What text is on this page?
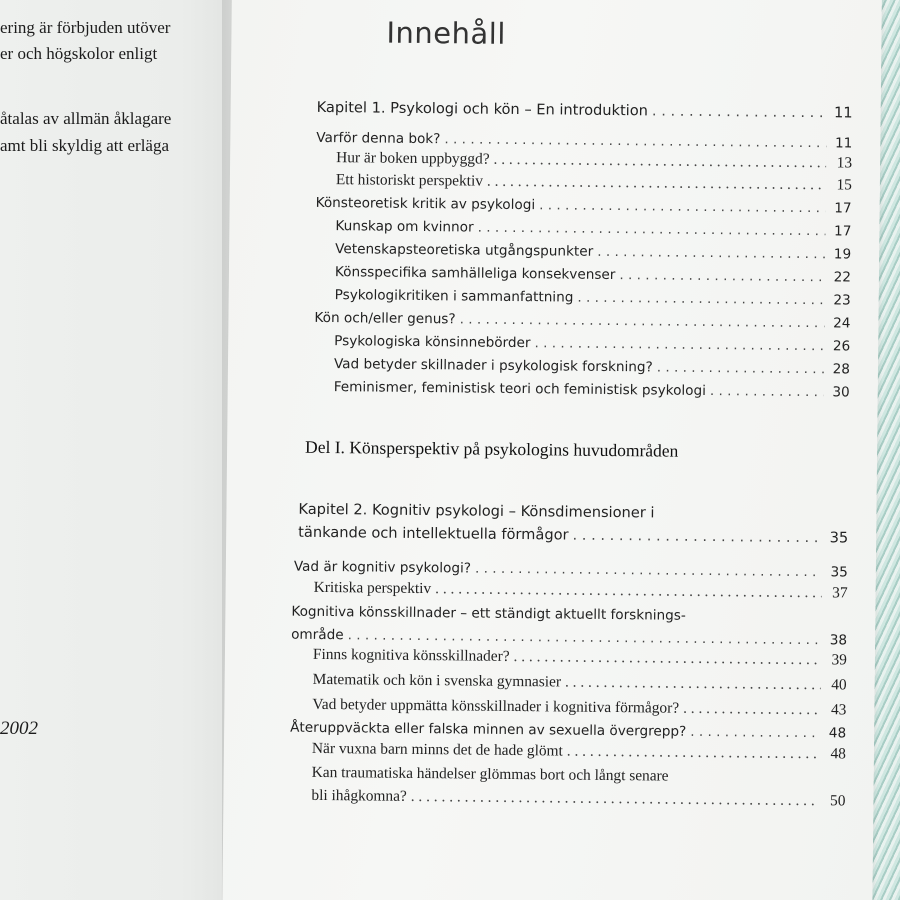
ering är förbjuden utöver
er och högskolor enligt
åtalas av allmän åklagare
amt bli skyldig att erläga
2002
Innehåll
Kapitel 1. Psykologi och kön – En introduktion . . .	11
Varför denna bok? . . .	11
Hur är boken uppbyggd? . . .	13
Ett historiskt perspektiv . . .	15
Könsteoretisk kritik av psykologi . . .	17
Kunskap om kvinnor . . .	17
Vetenskapsteoretiska utgångspunkter . . .	19
Könsspecifika samhälleliga konsekvenser . . .	22
Psykologikritiken i sammanfattning . . .	23
Kön och/eller genus? . . .	24
Psykologiska könsinnebörder . . .	26
Vad betyder skillnader i psykologisk forskning? . . .	28
Feminismer, feministisk teori och feministisk psykologi . . .	30
Del I. Könsperspektiv på psykologins huvudområden
Kapitel 2. Kognitiv psykologi – Könsdimensioner i
tänkande och intellektuella förmågor . . .	35
Vad är kognitiv psykologi? . . .	35
Kritiska perspektiv . . .	37
Kognitiva könsskillnader – ett ständigt aktuellt forsknings-
område . . .	38
Finns kognitiva könsskillnader? . . .	39
Matematik och kön i svenska gymnasier . . .	40
Vad betyder uppmätta könsskillnader i kognitiva förmågor? . . .	43
Återuppväckta eller falska minnen av sexuella övergrepp? . . .	48
När vuxna barn minns det de hade glömt . . .	48
Kan traumatiska händelser glömmas bort och långt senare
bli ihågkomna? . . .	50
